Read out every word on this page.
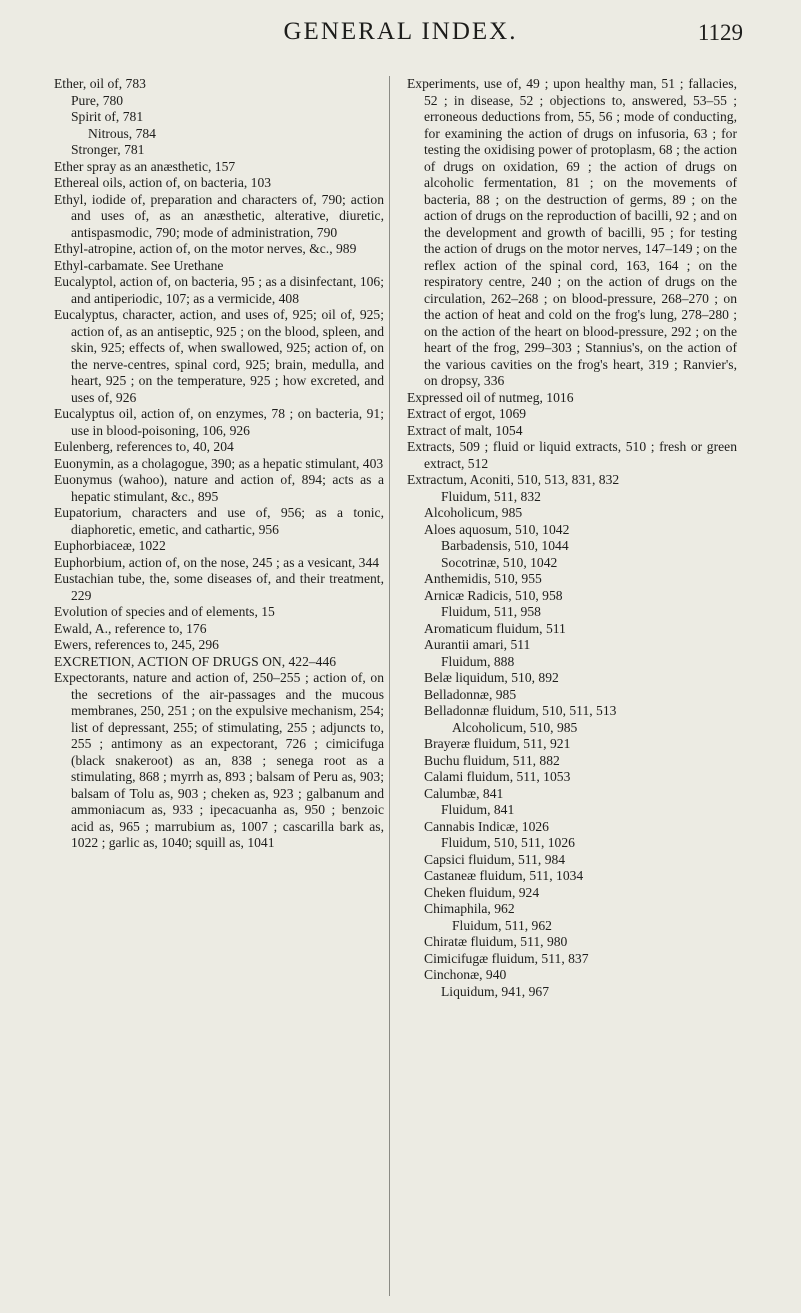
GENERAL INDEX.	1129

Ether, oil of, 783

Pure, 780

Spirit of, 781

Nitrous, 784

Stronger, 781

Ether spray as an anæsthetic, 157

Ethereal oils, action of, on bacteria, 103

Ethyl, iodide of, preparation and characters of, 790; action and uses of, as an anæsthetic, alterative, diuretic, antispasmodic, 790; mode of administration, 790

Ethyl-atropine, action of, on the motor nerves, &c., 989

Ethyl-carbamate. See Urethane

Eucalyptol, action of, on bacteria, 95 ; as a disinfectant, 106; and antiperiodic, 107; as a vermicide, 408

Eucalyptus, character, action, and uses of, 925; oil of, 925; action of, as an antiseptic, 925 ; on the blood, spleen, and skin, 925; effects of, when swallowed, 925; action of, on the nerve-centres, spinal cord, 925; brain, medulla, and heart, 925 ; on the temperature, 925 ; how excreted, and uses of, 926

Eucalyptus oil, action of, on enzymes, 78 ; on bacteria, 91; use in blood-poisoning, 106, 926

Eulenberg, references to, 40, 204

Euonymin, as a cholagogue, 390; as a hepatic stimulant, 403

Euonymus (wahoo), nature and action of, 894; acts as a hepatic stimulant, &c., 895

Eupatorium, characters and use of, 956; as a tonic, diaphoretic, emetic, and cathartic, 956

Euphorbiaceæ, 1022

Euphorbium, action of, on the nose, 245 ; as a vesicant, 344

Eustachian tube, the, some diseases of, and their treatment, 229

Evolution of species and of elements, 15

Ewald, A., reference to, 176

Ewers, references to, 245, 296

EXCRETION, ACTION OF DRUGS ON, 422–446

Expectorants, nature and action of, 250–255 ; action of, on the secretions of the air-passages and the mucous membranes, 250, 251 ; on the expulsive mechanism, 254; list of depressant, 255; of stimulating, 255 ; adjuncts to, 255 ; antimony as an expectorant, 726 ; cimicifuga (black snakeroot) as an, 838 ; senega root as a stimulating, 868 ; myrrh as, 893 ; balsam of Peru as, 903; balsam of Tolu as, 903 ; cheken as, 923 ; galbanum and ammoniacum as, 933 ; ipecacuanha as, 950 ; benzoic acid as, 965 ; marrubium as, 1007 ; cascarilla bark as, 1022 ; garlic as, 1040; squill as, 1041

Experiments, use of, 49 ; upon healthy man, 51 ; fallacies, 52 ; in disease, 52 ; objections to, answered, 53–55 ; erroneous deductions from, 55, 56 ; mode of conducting, for examining the action of drugs on infusoria, 63 ; for testing the oxidising power of protoplasm, 68 ; the action of drugs on oxidation, 69 ; the action of drugs on alcoholic fermentation, 81 ; on the movements of bacteria, 88 ; on the destruction of germs, 89 ; on the action of drugs on the reproduction of bacilli, 92 ; and on the development and growth of bacilli, 95 ; for testing the action of drugs on the motor nerves, 147–149 ; on the reflex action of the spinal cord, 163, 164 ; on the respiratory centre, 240 ; on the action of drugs on the circulation, 262–268 ; on blood-pressure, 268–270 ; on the action of heat and cold on the frog's lung, 278–280 ; on the action of the heart on blood-pressure, 292 ; on the heart of the frog, 299–303 ; Stannius's, on the action of the various cavities on the frog's heart, 319 ; Ranvier's, on dropsy, 336

Expressed oil of nutmeg, 1016

Extract of ergot, 1069

Extract of malt, 1054

Extracts, 509 ; fluid or liquid extracts, 510 ; fresh or green extract, 512

Extractum, Aconiti, 510, 513, 831, 832

Fluidum, 511, 832

Alcoholicum, 985

Aloes aquosum, 510, 1042

Barbadensis, 510, 1044

Socotrinæ, 510, 1042

Anthemidis, 510, 955

Arnicæ Radicis, 510, 958

Fluidum, 511, 958

Aromaticum fluidum, 511

Aurantii amari, 511

Fluidum, 888

Belæ liquidum, 510, 892

Belladonnæ, 985

Belladonnæ fluidum, 510, 511, 513

Alcoholicum, 510, 985

Brayeræ fluidum, 511, 921

Buchu fluidum, 511, 882

Calami fluidum, 511, 1053

Calumbæ, 841

Fluidum, 841

Cannabis Indicæ, 1026

Fluidum, 510, 511, 1026

Capsici fluidum, 511, 984

Castaneæ fluidum, 511, 1034

Cheken fluidum, 924

Chimaphila, 962

Fluidum, 511, 962

Chiratæ fluidum, 511, 980

Cimicifugæ fluidum, 511, 837

Cinchonæ, 940

Liquidum, 941, 967
